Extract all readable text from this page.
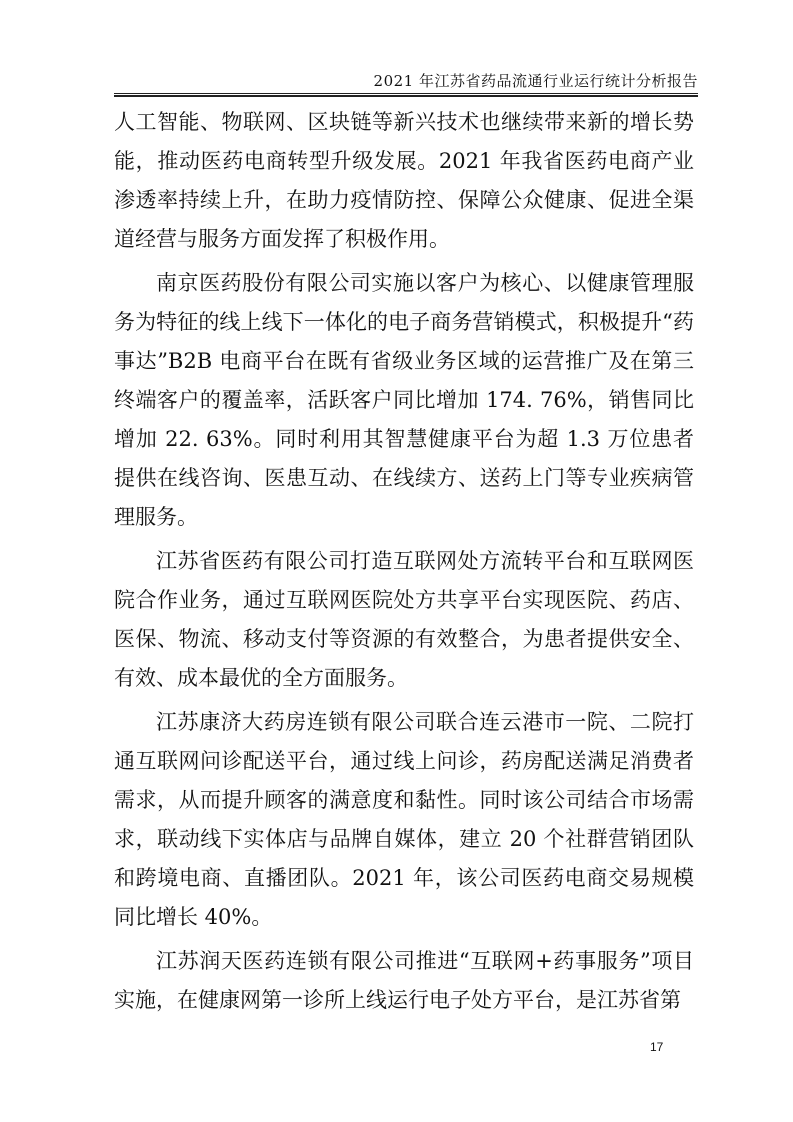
2021 年江苏省药品流通行业运行统计分析报告

人工智能、物联网、区块链等新兴技术也继续带来新的增长势能，推动医药电商转型升级发展。2021 年我省医药电商产业渗透率持续上升，在助力疫情防控、保障公众健康、促进全渠道经营与服务方面发挥了积极作用。

南京医药股份有限公司实施以客户为核心、以健康管理服务为特征的线上线下一体化的电子商务营销模式，积极提升“药事达”B2B 电商平台在既有省级业务区域的运营推广及在第三终端客户的覆盖率，活跃客户同比增加 174. 76%，销售同比增加 22. 63%。同时利用其智慧健康平台为超 1.3 万位患者提供在线咨询、医患互动、在线续方、送药上门等专业疾病管理服务。

江苏省医药有限公司打造互联网处方流转平台和互联网医院合作业务，通过互联网医院处方共享平台实现医院、药店、医保、物流、移动支付等资源的有效整合，为患者提供安全、有效、成本最优的全方面服务。

江苏康济大药房连锁有限公司联合连云港市一院、二院打通互联网问诊配送平台，通过线上问诊，药房配送满足消费者需求，从而提升顾客的满意度和黏性。同时该公司结合市场需求，联动线下实体店与品牌自媒体，建立 20 个社群营销团队和跨境电商、直播团队。2021 年，该公司医药电商交易规模同比增长 40%。

江苏润天医药连锁有限公司推进“互联网+药事服务”项目实施，在健康网第一诊所上线运行电子处方平台，是江苏省第

17
